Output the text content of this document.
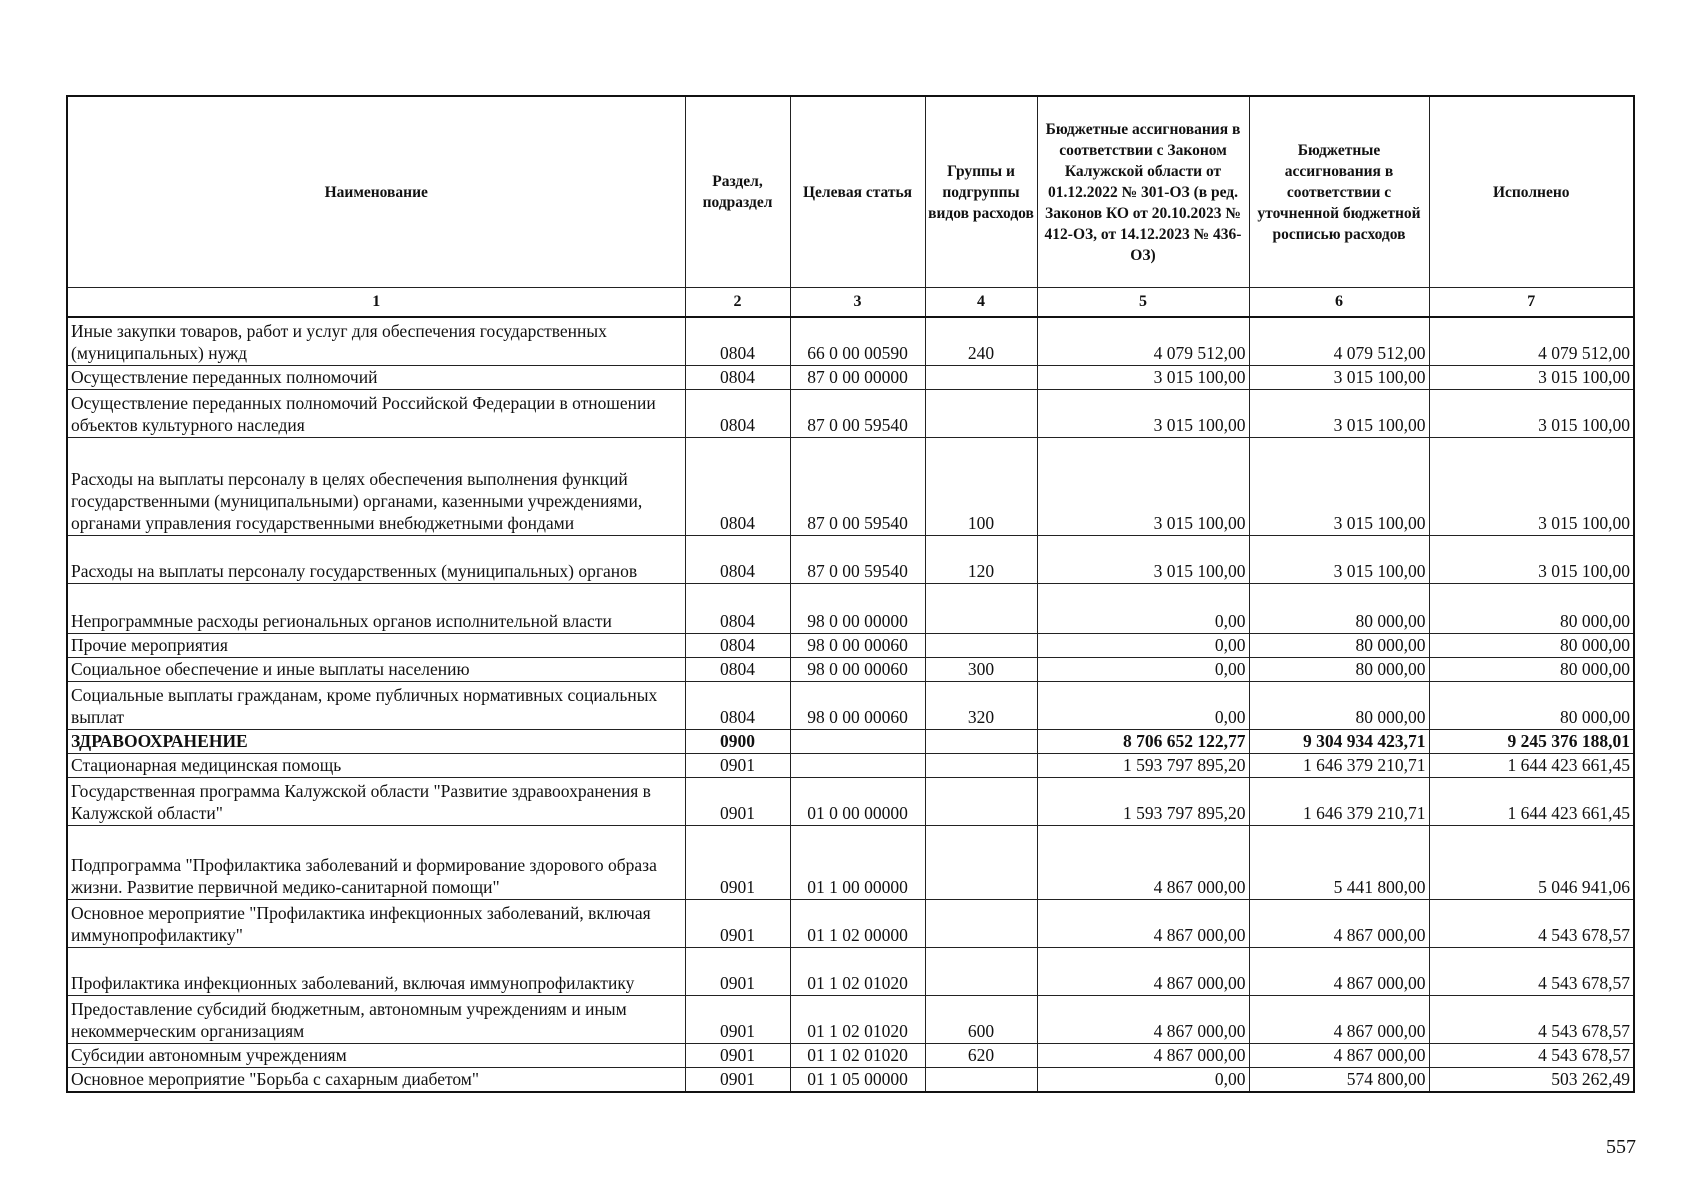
Наименование	Раздел, подраздел	Целевая статья	Группы и подгруппы видов расходов	Бюджетные ассигнования в соответствии с Законом Калужской области от 01.12.2022 № 301-ОЗ (в ред. Законов КО от 20.10.2023 № 412-ОЗ, от 14.12.2023 № 436-ОЗ)	Бюджетные ассигнования в соответствии с уточненной бюджетной росписью расходов	Исполнено
1	2	3	4	5	6	7
Иные закупки товаров, работ и услуг для обеспечения государственных (муниципальных) нужд	0804	66 0 00 00590	240	4 079 512,00	4 079 512,00	4 079 512,00
Осуществление переданных полномочий	0804	87 0 00 00000		3 015 100,00	3 015 100,00	3 015 100,00
Осуществление переданных полномочий Российской Федерации в отношении объектов культурного наследия	0804	87 0 00 59540		3 015 100,00	3 015 100,00	3 015 100,00
Расходы на выплаты персоналу в целях обеспечения выполнения функций государственными (муниципальными) органами, казенными учреждениями, органами управления государственными внебюджетными фондами	0804	87 0 00 59540	100	3 015 100,00	3 015 100,00	3 015 100,00
Расходы на выплаты персоналу государственных (муниципальных) органов	0804	87 0 00 59540	120	3 015 100,00	3 015 100,00	3 015 100,00
Непрограммные расходы региональных органов исполнительной власти	0804	98 0 00 00000		0,00	80 000,00	80 000,00
Прочие мероприятия	0804	98 0 00 00060		0,00	80 000,00	80 000,00
Социальное обеспечение и иные выплаты населению	0804	98 0 00 00060	300	0,00	80 000,00	80 000,00
Социальные выплаты гражданам, кроме публичных нормативных социальных выплат	0804	98 0 00 00060	320	0,00	80 000,00	80 000,00
ЗДРАВООХРАНЕНИЕ	0900			8 706 652 122,77	9 304 934 423,71	9 245 376 188,01
Стационарная медицинская помощь	0901			1 593 797 895,20	1 646 379 210,71	1 644 423 661,45
Государственная программа Калужской области "Развитие здравоохранения в Калужской области"	0901	01 0 00 00000		1 593 797 895,20	1 646 379 210,71	1 644 423 661,45
Подпрограмма "Профилактика заболеваний и формирование здорового образа жизни. Развитие первичной медико-санитарной помощи"	0901	01 1 00 00000		4 867 000,00	5 441 800,00	5 046 941,06
Основное мероприятие "Профилактика инфекционных заболеваний, включая иммунопрофилактику"	0901	01 1 02 00000		4 867 000,00	4 867 000,00	4 543 678,57
Профилактика инфекционных заболеваний, включая иммунопрофилактику	0901	01 1 02 01020		4 867 000,00	4 867 000,00	4 543 678,57
Предоставление субсидий бюджетным, автономным учреждениям и иным некоммерческим организациям	0901	01 1 02 01020	600	4 867 000,00	4 867 000,00	4 543 678,57
Субсидии автономным учреждениям	0901	01 1 02 01020	620	4 867 000,00	4 867 000,00	4 543 678,57
Основное мероприятие "Борьба с сахарным диабетом"	0901	01 1 05 00000		0,00	574 800,00	503 262,49
557
